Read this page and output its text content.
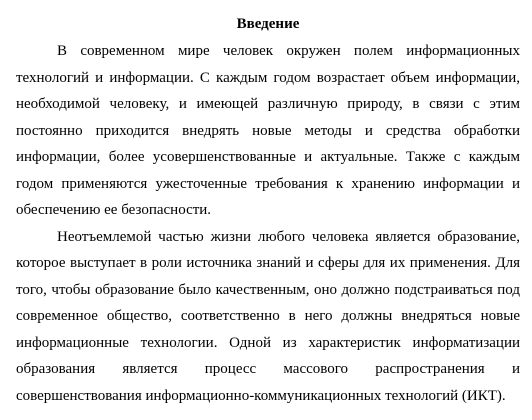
Введение

В современном мире человек окружен полем информационных технологий и информации. С каждым годом возрастает объем информации, необходимой человеку, и имеющей различную природу, в связи с этим постоянно приходится внедрять новые методы и средства обработки информации, более усовершенствованные и актуальные. Также с каждым годом применяются ужесточенные требования к хранению информации и обеспечению ее безопасности.

Неотъемлемой частью жизни любого человека является образование, которое выступает в роли источника знаний и сферы для их применения. Для того, чтобы образование было качественным, оно должно подстраиваться под современное общество, соответственно в него должны внедряться новые информационные технологии. Одной из характеристик информатизации образования является процесс массового распространения и совершенствования информационно-коммуникационных технологий (ИКТ).
